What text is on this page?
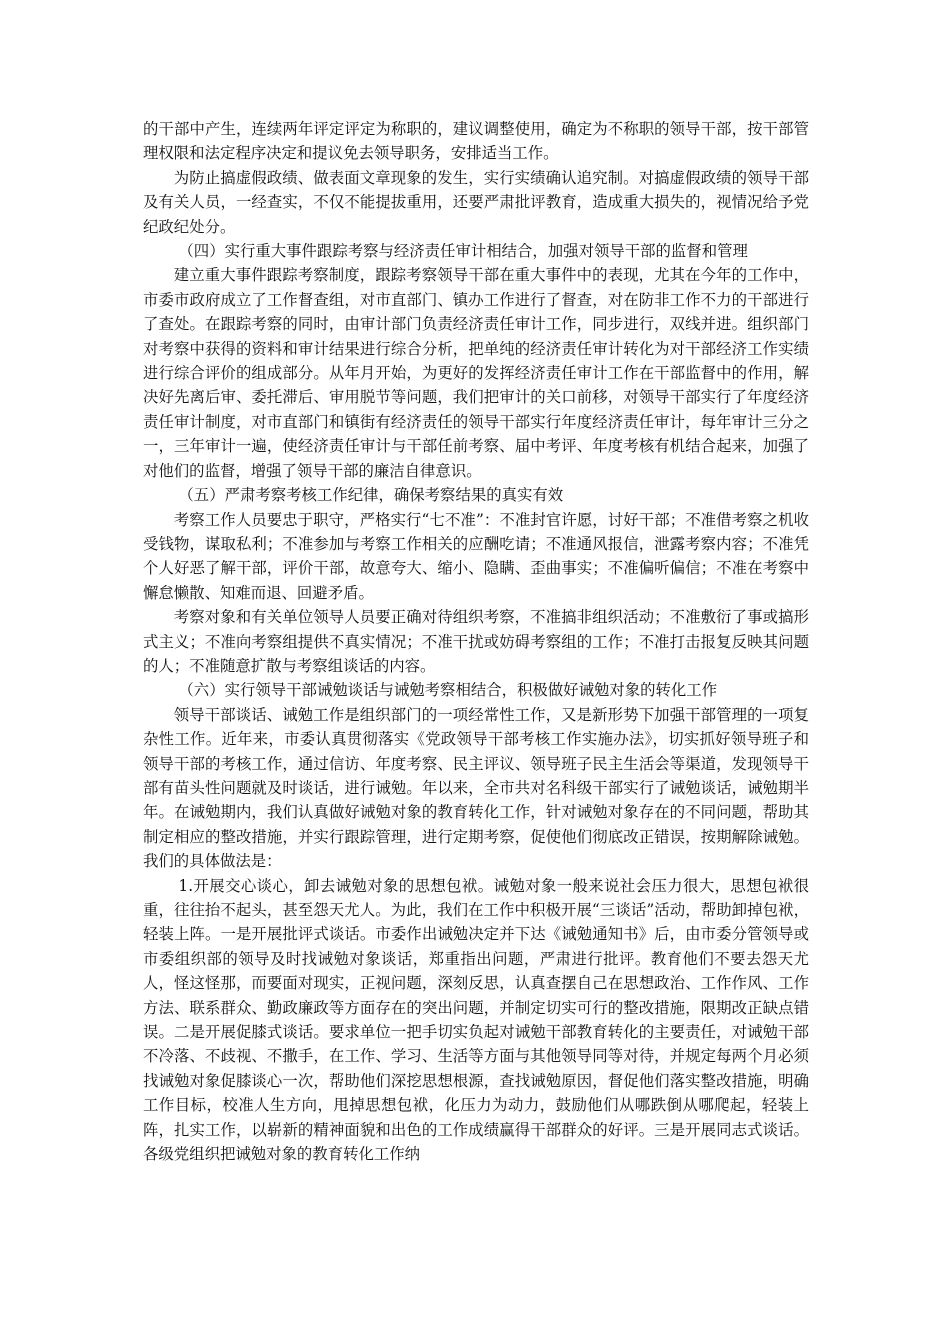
的干部中产生，连续两年评定评定为称职的，建议调整使用，确定为不称职的领导干部，按干部管理权限和法定程序决定和提议免去领导职务，安排适当工作。

为防止搞虚假政绩、做表面文章现象的发生，实行实绩确认追究制。对搞虚假政绩的领导干部及有关人员，一经查实，不仅不能提拔重用，还要严肃批评教育，造成重大损失的，视情况给予党纪政纪处分。

（四）实行重大事件跟踪考察与经济责任审计相结合，加强对领导干部的监督和管理

建立重大事件跟踪考察制度，跟踪考察领导干部在重大事件中的表现，尤其在今年的工作中，市委市政府成立了工作督查组，对市直部门、镇办工作进行了督查，对在防非工作不力的干部进行了查处。在跟踪考察的同时，由审计部门负责经济责任审计工作，同步进行，双线并进。组织部门对考察中获得的资料和审计结果进行综合分析，把单纯的经济责任审计转化为对干部经济工作实绩进行综合评价的组成部分。从年月开始，为更好的发挥经济责任审计工作在干部监督中的作用，解决好先离后审、委托滞后、审用脱节等问题，我们把审计的关口前移，对领导干部实行了年度经济责任审计制度，对市直部门和镇街有经济责任的领导干部实行年度经济责任审计，每年审计三分之一，三年审计一遍，使经济责任审计与干部任前考察、届中考评、年度考核有机结合起来，加强了对他们的监督，增强了领导干部的廉洁自律意识。

（五）严肃考察考核工作纪律，确保考察结果的真实有效

考察工作人员要忠于职守，严格实行“七不准”：不准封官许愿，讨好干部；不准借考察之机收受钱物，谋取私利；不准参加与考察工作相关的应酬吃请；不准通风报信，泄露考察内容；不准凭个人好恶了解干部，评价干部，故意夸大、缩小、隐瞒、歪曲事实；不准偏听偏信；不准在考察中懈怠懒散、知难而退、回避矛盾。

考察对象和有关单位领导人员要正确对待组织考察，不准搞非组织活动；不准敷衍了事或搞形式主义；不准向考察组提供不真实情况；不准干扰或妨碍考察组的工作；不准打击报复反映其问题的人；不准随意扩散与考察组谈话的内容。

（六）实行领导干部诫勉谈话与诫勉考察相结合，积极做好诫勉对象的转化工作

领导干部谈话、诫勉工作是组织部门的一项经常性工作，又是新形势下加强干部管理的一项复杂性工作。近年来，市委认真贯彻落实《党政领导干部考核工作实施办法》，切实抓好领导班子和领导干部的考核工作，通过信访、年度考察、民主评议、领导班子民主生活会等渠道，发现领导干部有苗头性问题就及时谈话，进行诫勉。年以来，全市共对名科级干部实行了诫勉谈话，诫勉期半年。在诫勉期内，我们认真做好诫勉对象的教育转化工作，针对诫勉对象存在的不同问题，帮助其制定相应的整改措施，并实行跟踪管理，进行定期考察，促使他们彻底改正错误，按期解除诫勉。我们的具体做法是：

1.开展交心谈心，卸去诫勉对象的思想包袱。诫勉对象一般来说社会压力很大，思想包袱很重，往往抬不起头，甚至怨天尤人。为此，我们在工作中积极开展“三谈话”活动，帮助卸掉包袱，轻装上阵。一是开展批评式谈话。市委作出诫勉决定并下达《诫勉通知书》后，由市委分管领导或市委组织部的领导及时找诫勉对象谈话，郑重指出问题，严肃进行批评。教育他们不要去怨天尤人，怪这怪那，而要面对现实，正视问题，深刻反思，认真查摆自己在思想政治、工作作风、工作方法、联系群众、勤政廉政等方面存在的突出问题，并制定切实可行的整改措施，限期改正缺点错误。二是开展促膝式谈话。要求单位一把手切实负起对诫勉干部教育转化的主要责任，对诫勉干部不冷落、不歧视、不撒手，在工作、学习、生活等方面与其他领导同等对待，并规定每两个月必须找诫勉对象促膝谈心一次，帮助他们深挖思想根源，查找诫勉原因，督促他们落实整改措施，明确工作目标，校准人生方向，甩掉思想包袱，化压力为动力，鼓励他们从哪跌倒从哪爬起，轻装上阵，扎实工作，以崭新的精神面貌和出色的工作成绩赢得干部群众的好评。三是开展同志式谈话。各级党组织把诫勉对象的教育转化工作纳
